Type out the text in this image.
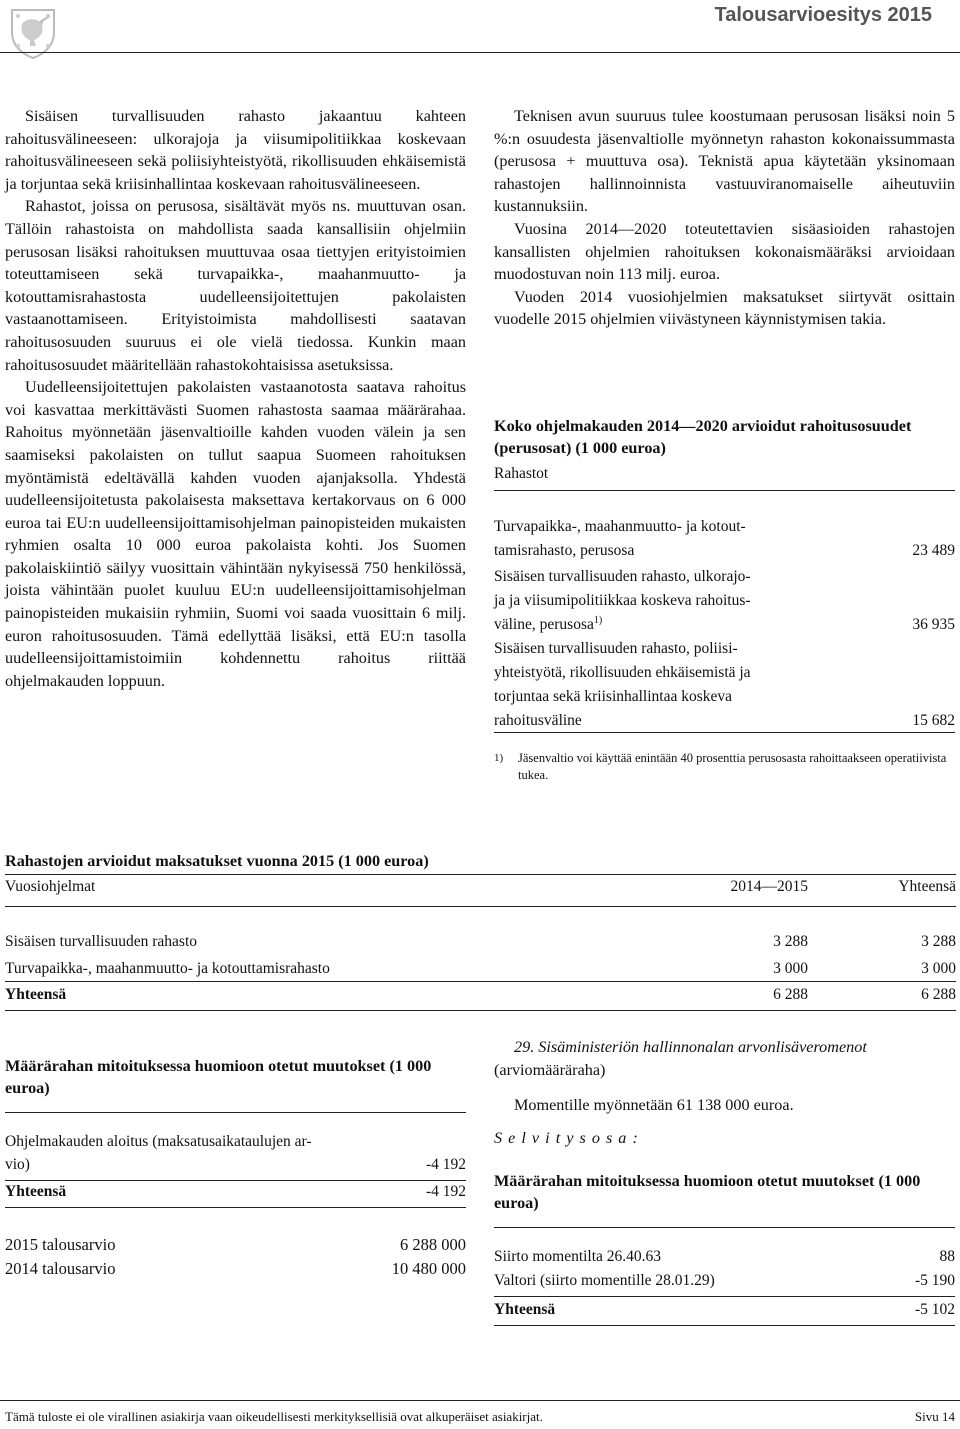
Talousarvioesitys 2015

Sisäisen turvallisuuden rahasto jakaantuu kahteen rahoitusvälineeseen: ulkorajoja ja viisumipolitiikkaa koskevaan rahoitusvälineeseen sekä poliisiyhteistyötä, rikollisuuden ehkäisemistä ja torjuntaa sekä kriisinhallintaa koskevaan rahoitusvälineeseen.

Rahastot, joissa on perusosa, sisältävät myös ns. muuttuvan osan. Tällöin rahastoista on mahdollista saada kansallisiin ohjelmiin perusosan lisäksi rahoituksen muuttuvaa osaa tiettyjen erityistoimien toteuttamiseen sekä turvapaikka-, maahanmuutto- ja kotouttamisrahastosta uudelleensijoitettujen pakolaisten vastaanottamiseen. Erityistoimista mahdollisesti saatavan rahoitusosuuden suuruus ei ole vielä tiedossa. Kunkin maan rahoitusosuudet määritellään rahastokohtaisissa asetuksissa.

Uudelleensijoitettujen pakolaisten vastaanotosta saatava rahoitus voi kasvattaa merkittävästi Suomen rahastosta saamaa määrärahaa. Rahoitus myönnetään jäsenvaltioille kahden vuoden välein ja sen saamiseksi pakolaisten on tullut saapua Suomeen rahoituksen myöntämistä edeltävällä kahden vuoden ajanjaksolla. Yhdestä uudelleensijoitetusta pakolaisesta maksettava kertakorvaus on 6 000 euroa tai EU:n uudelleensijoittamisohjelman painopisteiden mukaisten ryhmien osalta 10 000 euroa pakolaista kohti. Jos Suomen pakolaiskiintiö säilyy vuosittain vähintään nykyisessä 750 henkilössä, joista vähintään puolet kuuluu EU:n uudelleensijoittamisohjelman painopisteiden mukaisiin ryhmiin, Suomi voi saada vuosittain 6 milj. euron rahoitusosuuden. Tämä edellyttää lisäksi, että EU:n tasolla uudelleensijoittamistoimiin kohdennettu rahoitus riittää ohjelmakauden loppuun.

Teknisen avun suuruus tulee koostumaan perusosan lisäksi noin 5 %:n osuudesta jäsenvaltiolle myönnetyn rahaston kokonaissummasta (perusosa + muuttuva osa). Teknistä apua käytetään yksinomaan rahastojen hallinnoinnista vastuuviranomaiselle aiheutuviin kustannuksiin.

Vuosina 2014—2020 toteutettavien sisäasioiden rahastojen kansallisten ohjelmien rahoituksen kokonaismääräksi arvioidaan muodostuvan noin 113 milj. euroa.

Vuoden 2014 vuosiohjelmien maksatukset siirtyvät osittain vuodelle 2015 ohjelmien viivästyneen käynnistymisen takia.

Koko ohjelmakauden 2014—2020 arvioidut rahoitusosuudet (perusosat) (1 000 euroa)
Rahastot
Turvapaikka-, maahanmuutto- ja kotout-
tamisrahasto, perusosa	23 489
Sisäisen turvallisuuden rahasto, ulkorajo-
ja ja viisumipolitiikkaa koskeva rahoitus-
väline, perusosa$^{1)}$	36 935
Sisäisen turvallisuuden rahasto, poliisi-
yhteistyötä, rikollisuuden ehkäisemistä ja
torjuntaa sekä kriisinhallintaa koskeva
rahoitusväline	15 682
1)	Jäsenvaltio voi käyttää enintään 40 prosenttia perusosasta rahoittaakseen operatiivista tukea.
Rahastojen arvioidut maksatukset vuonna 2015 (1 000 euroa)
Vuosiohjelmat	2014—2015	Yhteensä
Sisäisen turvallisuuden rahasto	3 288	3 288
Turvapaikka-, maahanmuutto- ja kotouttamisrahasto	3 000	3 000
Yhteensä	6 288	6 288
Määrärahan mitoituksessa huomioon otetut muutokset (1 000 euroa)
Ohjelmakauden aloitus (maksatusaikataulujen ar-
vio)	-4 192
Yhteensä	-4 192
2015 talousarvio	6 288 000
2014 talousarvio	10 480 000
29. Sisäministeriön hallinnonalan arvonlisäveromenot
(arviomääräraha)
Momentille myönnetään 61 138 000 euroa.
S e l v i t y s o s a :
Määrärahan mitoituksessa huomioon otetut muutokset (1 000 euroa)
Siirto momentilta 26.40.63	88
Valtori (siirto momentille 28.01.29)	-5 190
Yhteensä	-5 102
Tämä tuloste ei ole virallinen asiakirja vaan oikeudellisesti merkityksellisiä ovat alkuperäiset asiakirjat.	Sivu 14
